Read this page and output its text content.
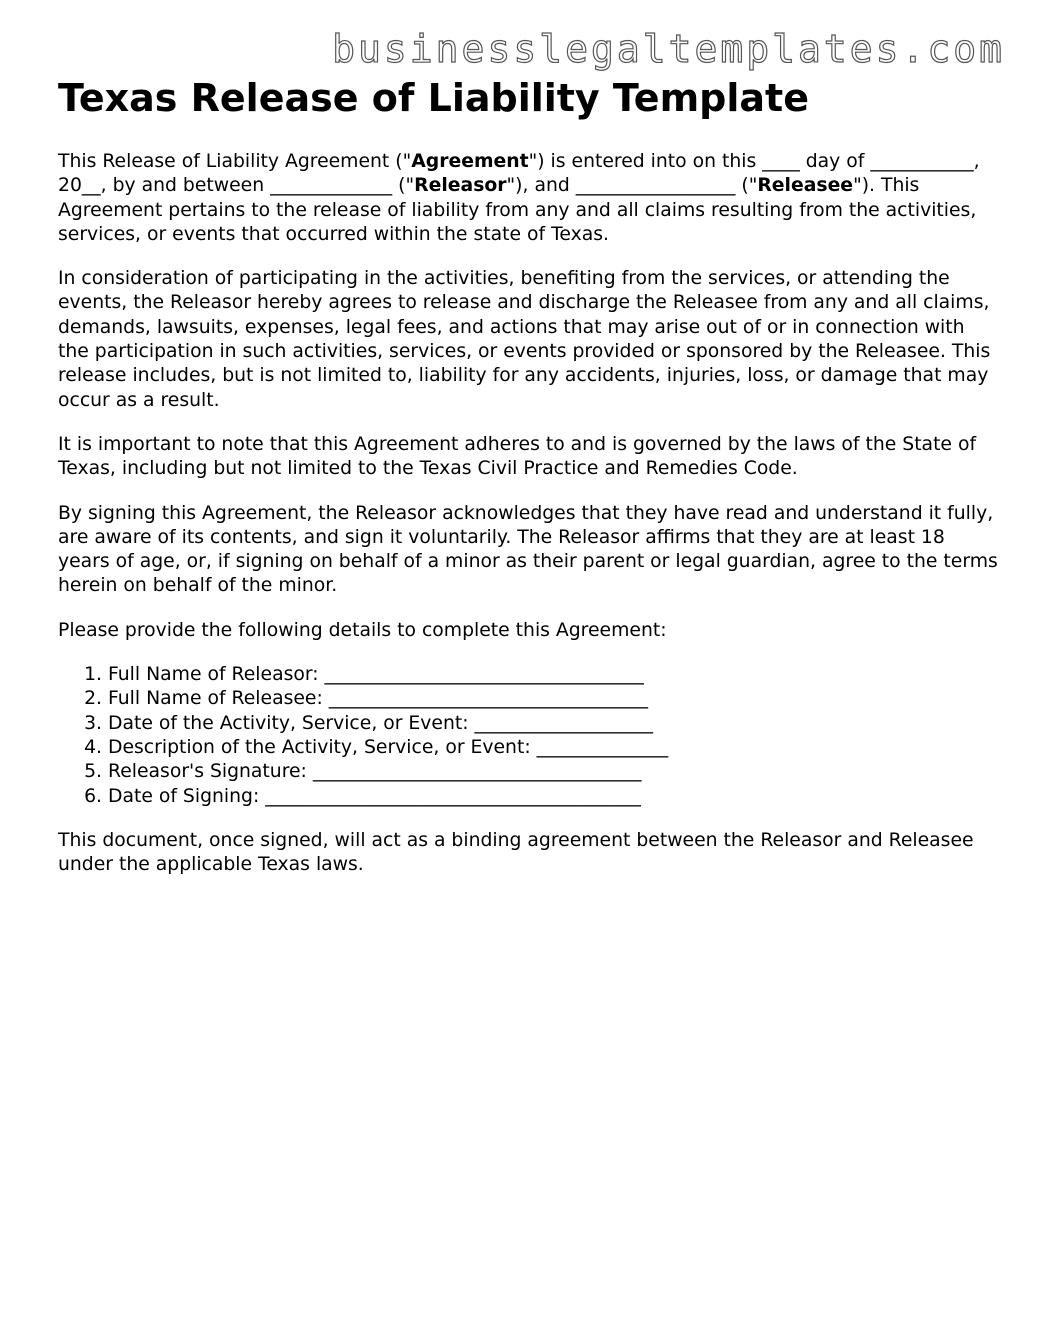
businesslegaltemplates.com
Texas Release of Liability Template

This Release of Liability Agreement ("Agreement") is entered into on this ____ day of ___________, 20__, by and between _____________ ("Releasor"), and _________________ ("Releasee"). This Agreement pertains to the release of liability from any and all claims resulting from the activities, services, or events that occurred within the state of Texas.

In consideration of participating in the activities, benefiting from the services, or attending the events, the Releasor hereby agrees to release and discharge the Releasee from any and all claims, demands, lawsuits, expenses, legal fees, and actions that may arise out of or in connection with the participation in such activities, services, or events provided or sponsored by the Releasee. This release includes, but is not limited to, liability for any accidents, injuries, loss, or damage that may occur as a result.

It is important to note that this Agreement adheres to and is governed by the laws of the State of Texas, including but not limited to the Texas Civil Practice and Remedies Code.

By signing this Agreement, the Releasor acknowledges that they have read and understand it fully, are aware of its contents, and sign it voluntarily. The Releasor affirms that they are at least 18 years of age, or, if signing on behalf of a minor as their parent or legal guardian, agree to the terms herein on behalf of the minor.

Please provide the following details to complete this Agreement:

1. Full Name of Releasor: __________________________________
2. Full Name of Releasee: __________________________________
3. Date of the Activity, Service, or Event: ___________________
4. Description of the Activity, Service, or Event: ______________
5. Releasor's Signature: ___________________________________
6. Date of Signing: ________________________________________

This document, once signed, will act as a binding agreement between the Releasor and Releasee under the applicable Texas laws.
